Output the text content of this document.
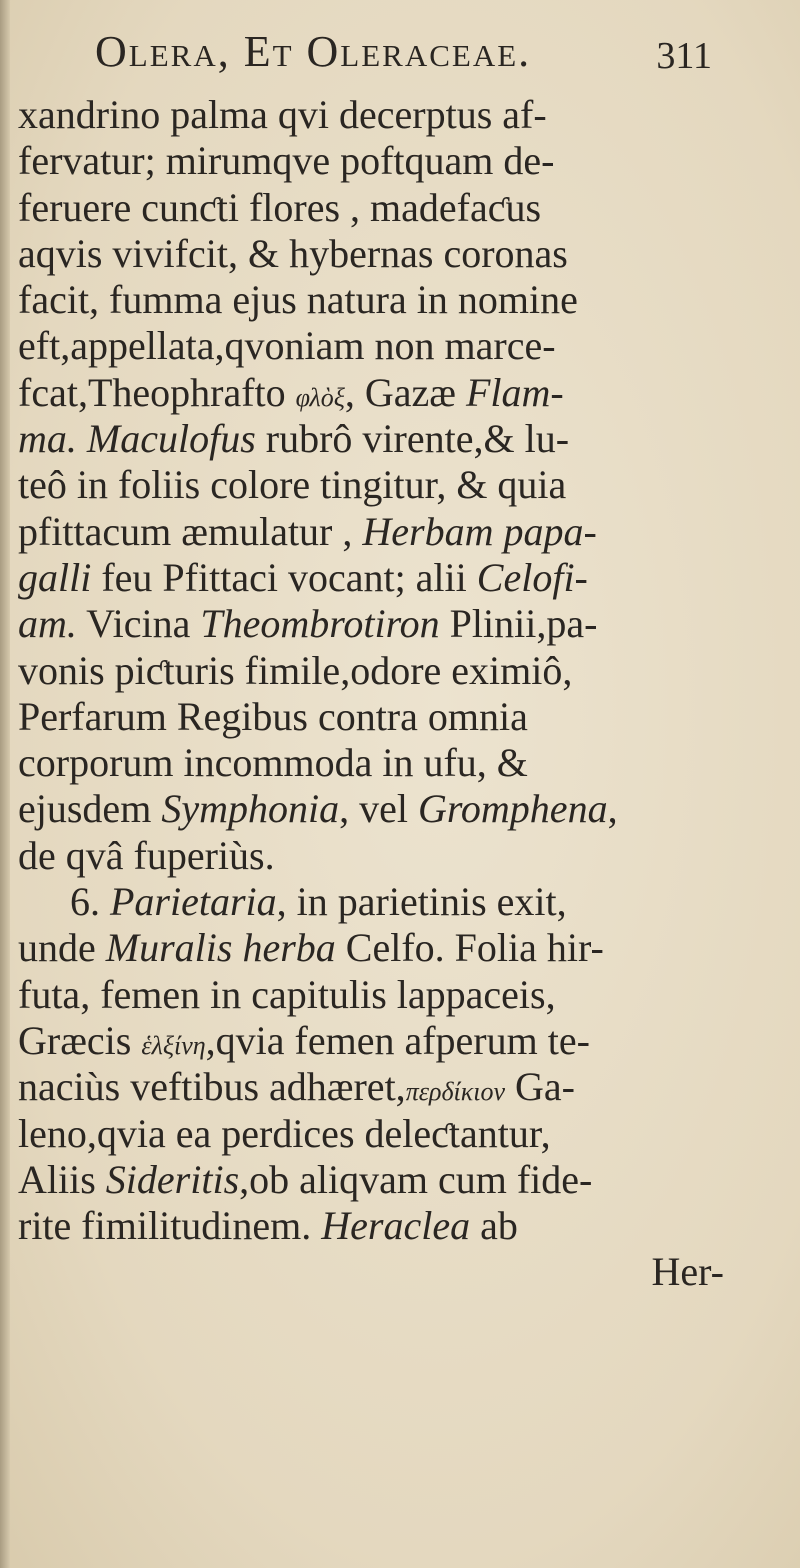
Olera, Et Oleraceae.	311
xandrino palma qvi decerptus af-
fervatur; mirumqve poftquam de-
feruere cunƈti flores , madefaƈus
aqvis vivifcit, & hybernas coronas
facit, fumma ejus natura in nomine
eft,appellata,qvoniam non marce-
fcat,Theophrafto φλὸξ, Gazæ Flam-
ma. Maculofus rubrô virente,& lu-
teô in foliis colore tingitur, & quia
pfittacum æmulatur , Herbam papa-
galli feu Pfittaci vocant; alii Celofi-
am. Vicina Theombrotiron Plinii,pa-
vonis piƈturis fimile,odore eximiô,
Perfarum Regibus contra omnia
corporum incommoda in ufu, &
ejusdem Symphonia, vel Gromphena,
de qvâ fuperiùs.
6. Parietaria, in parietinis exit,
unde Muralis herba Celfo. Folia hir-
futa, femen in capitulis lappaceis,
Græcis ἑλξίνη,qvia femen afperum te-
naciùs veftibus adhæret,περδίκιον Ga-
leno,qvia ea perdices deleƈtantur,
Aliis Sideritis,ob aliqvam cum fide-
rite fimilitudinem. Heraclea ab
Her-
